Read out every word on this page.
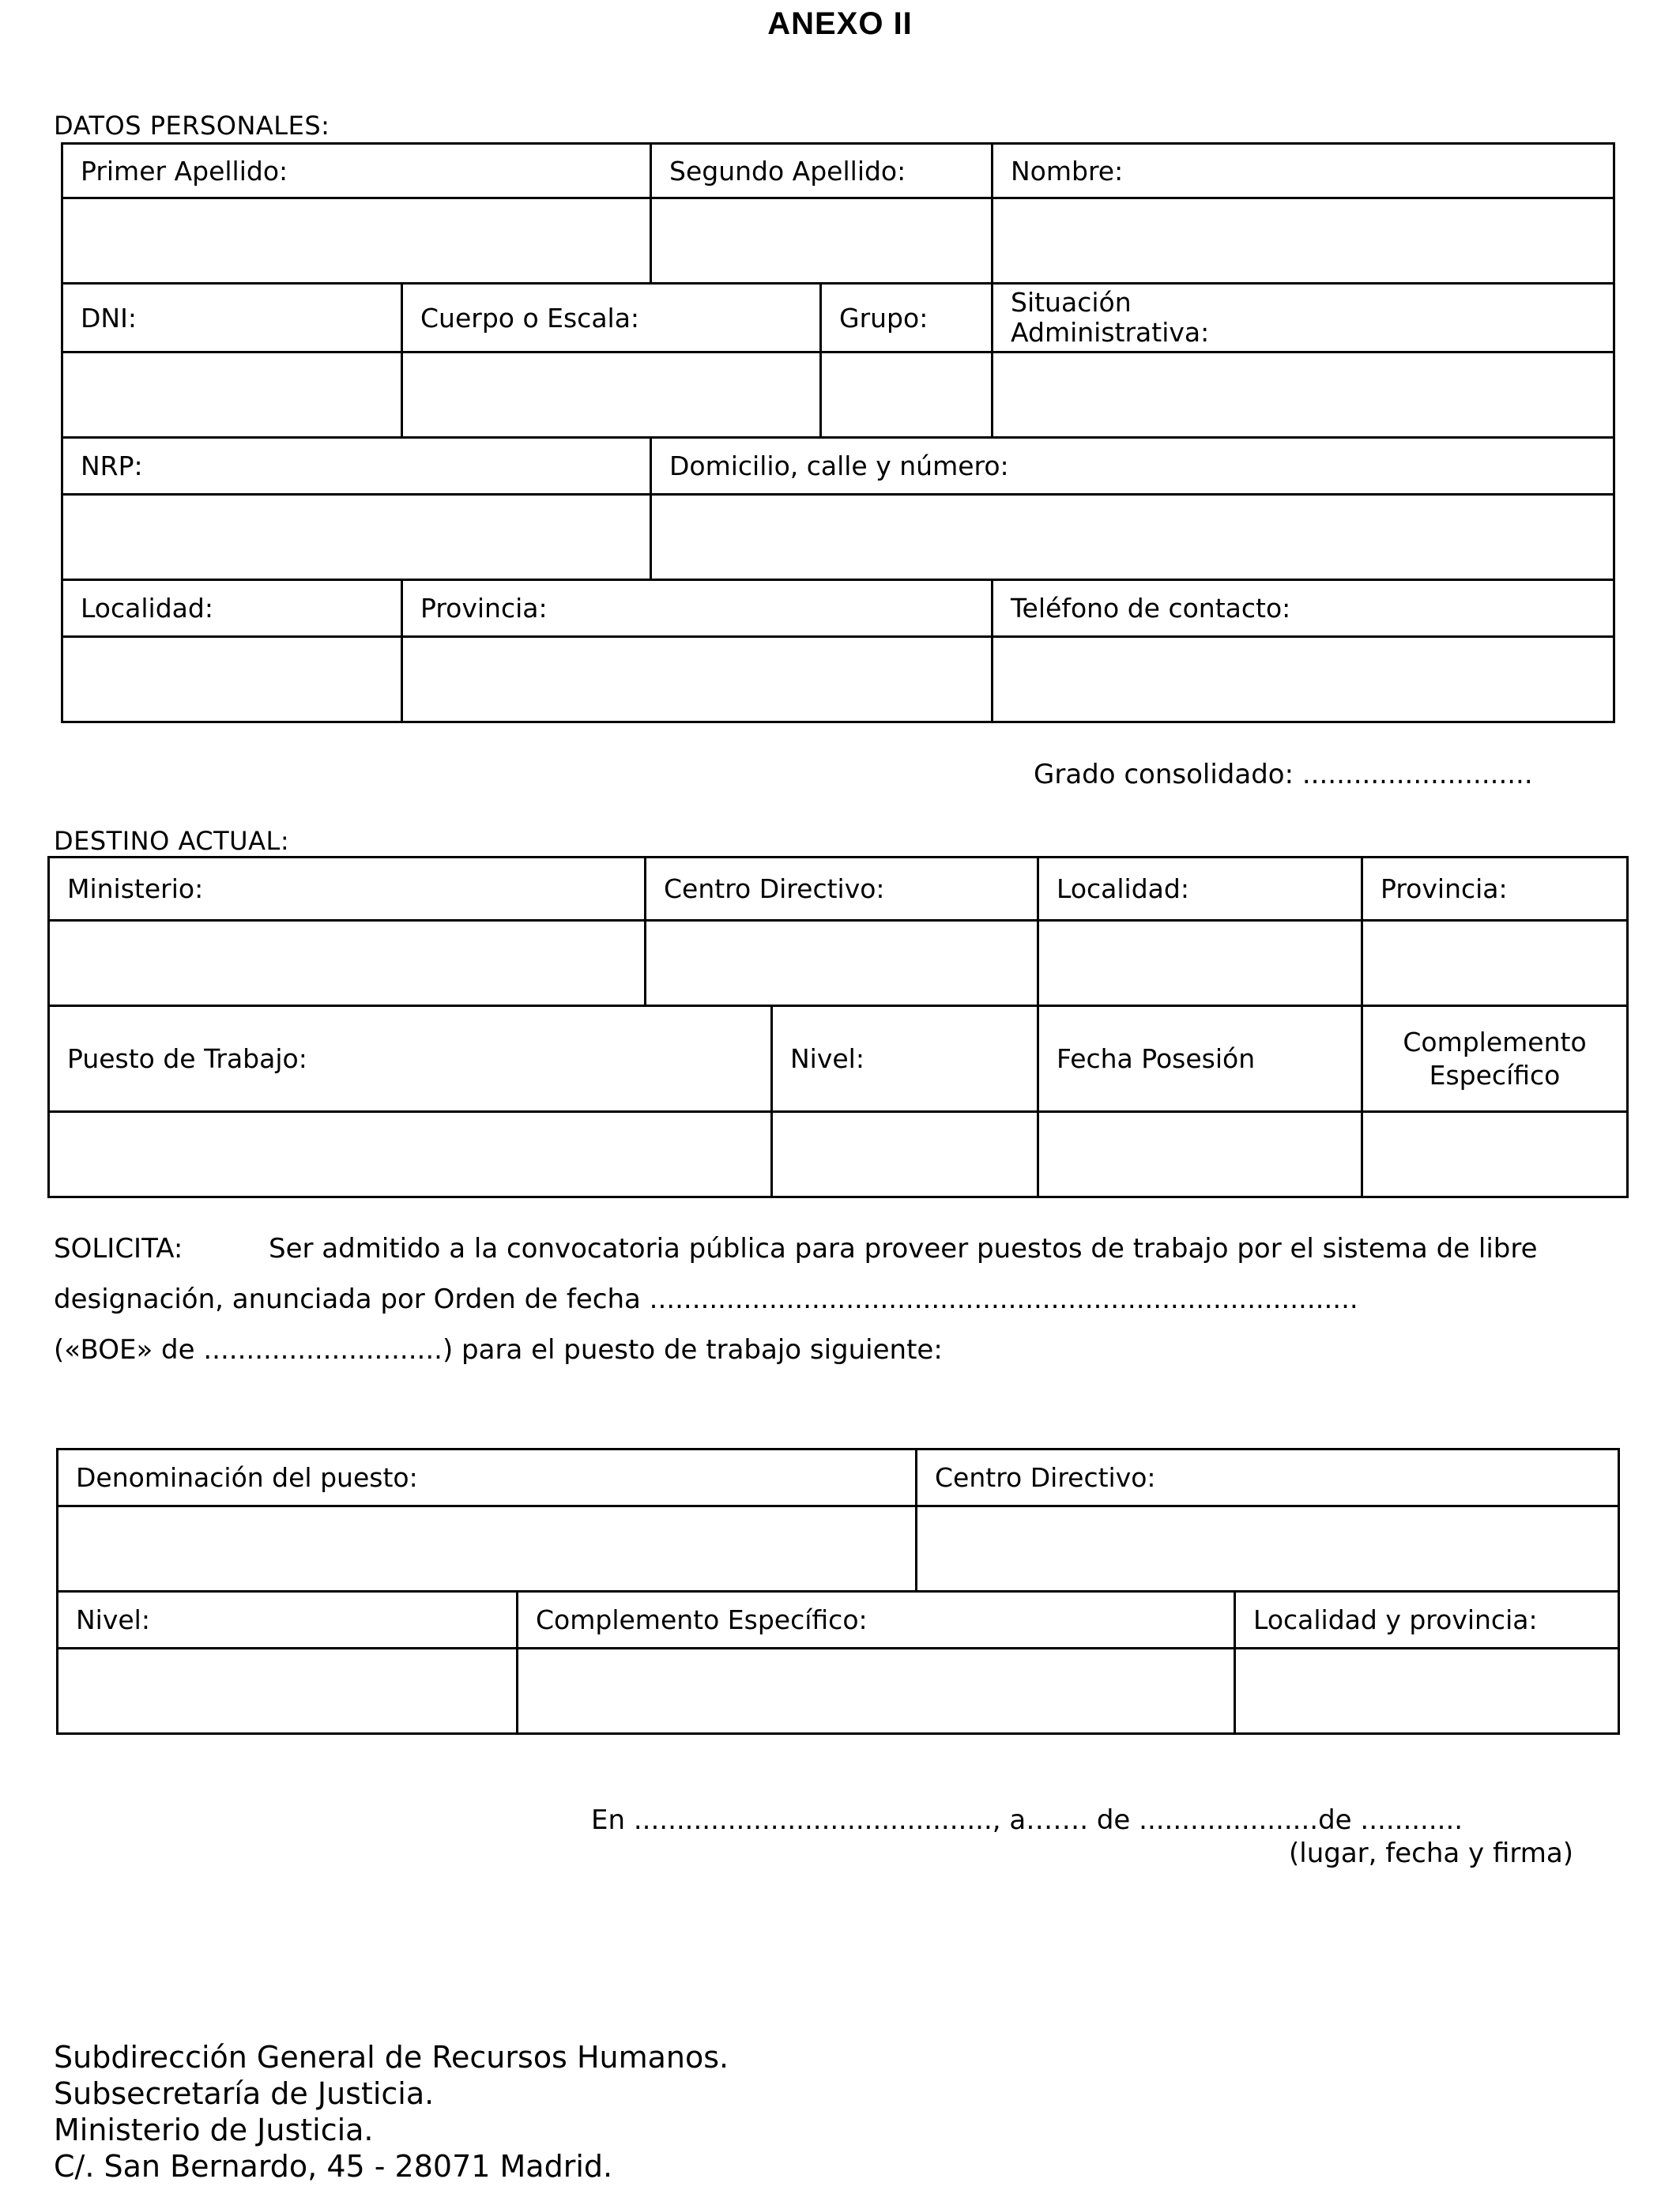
ANEXO II
DATOS PERSONALES:
Primer Apellido:		Segundo Apellido:		Nombre:

DNI:	Cuerpo o Escala:		Grupo:	Situación Administrativa:

NRP:		Domicilio, calle y número:		

Localidad:	Provincia:			Teléfono de contacto:

Grado consolidado: ...........................
DESTINO ACTUAL:
Ministerio:	Centro Directivo:		Localidad:	Provincia:

Puesto de Trabajo:		Nivel:	Fecha Posesión	Complemento Específico

SOLICITA:	Ser admitido a la convocatoria pública para proveer puestos de trabajo por el sistema de libre
designación, anunciada por Orden de fecha ...................................................................................
(«BOE» de ............................) para el puesto de trabajo siguiente:
Denominación del puesto:		Centro Directivo:	

Nivel:	Complemento Específico:		Localidad y provincia:

En .........................................., a……. de .....................de ............
(lugar, fecha y firma)
Subdirección General de Recursos Humanos.
Subsecretaría de Justicia.
Ministerio de Justicia.
C/. San Bernardo, 45 - 28071 Madrid.
